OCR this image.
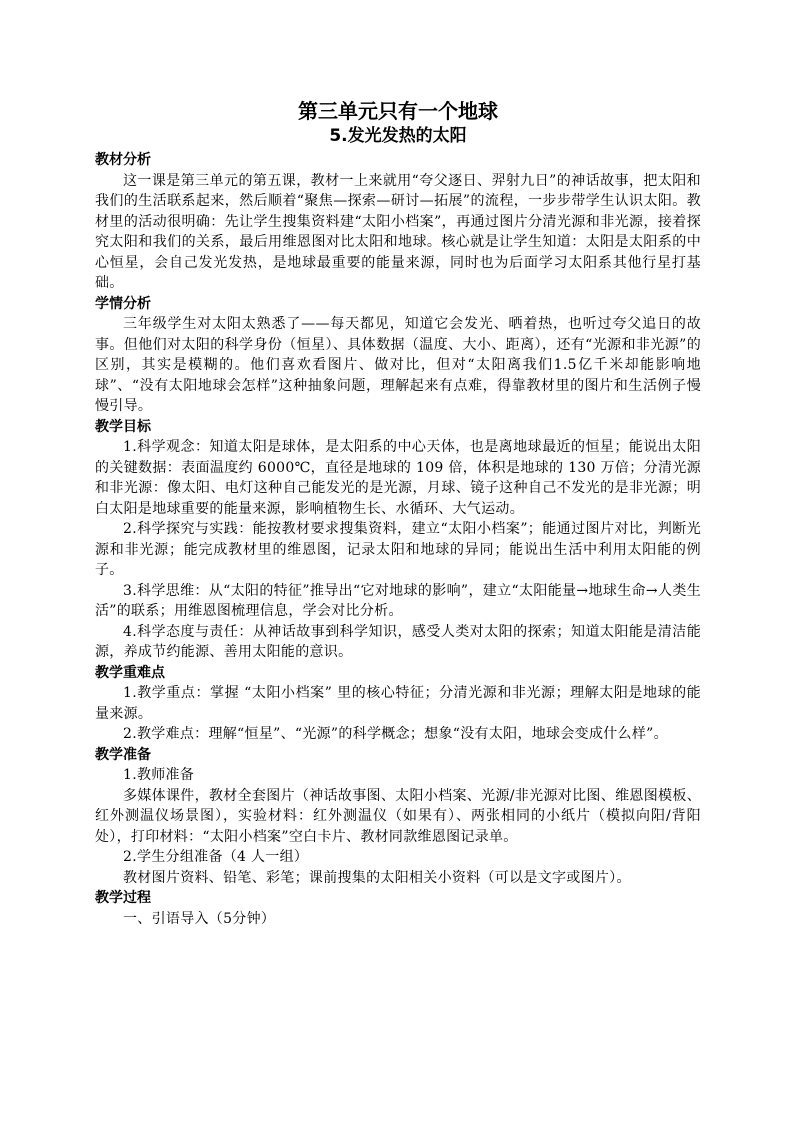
第三单元只有一个地球
5.发光发热的太阳

教材分析

这一课是第三单元的第五课，教材一上来就用“夸父逐日、羿射九日”的神话故事，把太阳和我们的生活联系起来，然后顺着“聚焦—探索—研讨—拓展”的流程，一步步带学生认识太阳。教材里的活动很明确：先让学生搜集资料建“太阳小档案”，再通过图片分清光源和非光源，接着探究太阳和我们的关系，最后用维恩图对比太阳和地球。核心就是让学生知道：太阳是太阳系的中心恒星，会自己发光发热，是地球最重要的能量来源，同时也为后面学习太阳系其他行星打基础。

学情分析

三年级学生对太阳太熟悉了——每天都见，知道它会发光、晒着热，也听过夸父追日的故事。但他们对太阳的科学身份（恒星）、具体数据（温度、大小、距离），还有“光源和非光源”的区别，其实是模糊的。他们喜欢看图片、做对比，但对“太阳离我们1.5亿千米却能影响地球”、“没有太阳地球会怎样”这种抽象问题，理解起来有点难，得靠教材里的图片和生活例子慢慢引导。

教学目标

1.科学观念：知道太阳是球体，是太阳系的中心天体，也是离地球最近的恒星；能说出太阳的关键数据：表面温度约 6000℃，直径是地球的 109 倍，体积是地球的 130 万倍；分清光源和非光源：像太阳、电灯这种自己能发光的是光源，月球、镜子这种自己不发光的是非光源；明白太阳是地球重要的能量来源，影响植物生长、水循环、大气运动。

2.科学探究与实践：能按教材要求搜集资料，建立“太阳小档案”；能通过图片对比，判断光源和非光源；能完成教材里的维恩图，记录太阳和地球的异同；能说出生活中利用太阳能的例子。

3.科学思维：从“太阳的特征”推导出“它对地球的影响”，建立“太阳能量→地球生命→人类生活”的联系；用维恩图梳理信息，学会对比分析。

4.科学态度与责任：从神话故事到科学知识，感受人类对太阳的探索；知道太阳能是清洁能源，养成节约能源、善用太阳能的意识。

教学重难点

1.教学重点：掌握 “太阳小档案” 里的核心特征；分清光源和非光源；理解太阳是地球的能量来源。

2.教学难点：理解“恒星”、“光源”的科学概念；想象“没有太阳，地球会变成什么样”。

教学准备

1.教师准备

多媒体课件，教材全套图片（神话故事图、太阳小档案、光源/非光源对比图、维恩图模板、红外测温仪场景图），实验材料：红外测温仪（如果有）、两张相同的小纸片（模拟向阳/背阳处），打印材料：“太阳小档案”空白卡片、教材同款维恩图记录单。

2.学生分组准备（4 人一组）

教材图片资料、铅笔、彩笔；课前搜集的太阳相关小资料（可以是文字或图片）。

教学过程

一、引语导入（5分钟）
